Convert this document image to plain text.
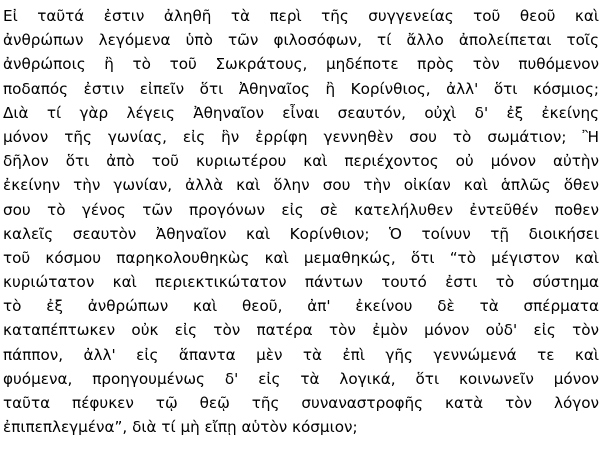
Εἰ ταῦτά ἐστιν ἀληθῆ τὰ περὶ τῆς συγγενείας τοῦ θεοῦ καὶ
ἀνθρώπων λεγόμενα ὑπὸ τῶν φιλοσόφων, τί ἄλλο ἀπολείπεται τοῖς
ἀνθρώποις ἢ τὸ τοῦ Σωκράτους, μηδέποτε πρὸς τὸν πυθόμενον
ποδαπός ἐστιν εἰπεῖν ὅτι Ἀθηναῖος ἢ Κορίνθιος, ἀλλ' ὅτι κόσμιος;
Διὰ τί γὰρ λέγεις Ἀθηναῖον εἶναι σεαυτόν, οὐχὶ δ' ἐξ ἐκείνης
μόνον τῆς γωνίας, εἰς ἣν ἐρρίφη γεννηθὲν σου τὸ σωμάτιον; Ἢ
δῆλον ὅτι ἀπὸ τοῦ κυριωτέρου καὶ περιέχοντος οὐ μόνον αὐτὴν
ἐκείνην τὴν γωνίαν, ἀλλὰ καὶ ὅλην σου τὴν οἰκίαν καὶ ἁπλῶς ὅθεν
σου τὸ γένος τῶν προγόνων εἰς σὲ κατελήλυθεν ἐντεῦθέν ποθεν
καλεῖς σεαυτὸν Ἀθηναῖον καὶ Κορίνθιον; Ὁ τοίνυν τῇ διοικήσει
τοῦ κόσμου παρηκολουθηκὼς καὶ μεμαθηκώς, ὅτι “τὸ μέγιστον καὶ
κυριώτατον καὶ περιεκτικώτατον πάντων τουτό ἐστι τὸ σύστημα
τὸ ἐξ ἀνθρώπων καὶ θεοῦ, ἀπ' ἐκείνου δὲ τὰ σπέρματα
καταπέπτωκεν οὐκ εἰς τὸν πατέρα τὸν ἐμὸν μόνον οὐδ' εἰς τὸν
πάππον, ἀλλ' εἰς ἅπαντα μὲν τὰ ἐπὶ γῆς γεννώμενά τε καὶ
φυόμενα, προηγουμένως δ' εἰς τὰ λογικά, ὅτι κοινωνεῖν μόνον
ταῦτα πέφυκεν τῷ θεῷ τῆς συναναστροφῆς κατὰ τὸν λόγον
ἐπιπεπλεγμένα”, διὰ τί μὴ εἴπῃ αὑτὸν κόσμιον;
